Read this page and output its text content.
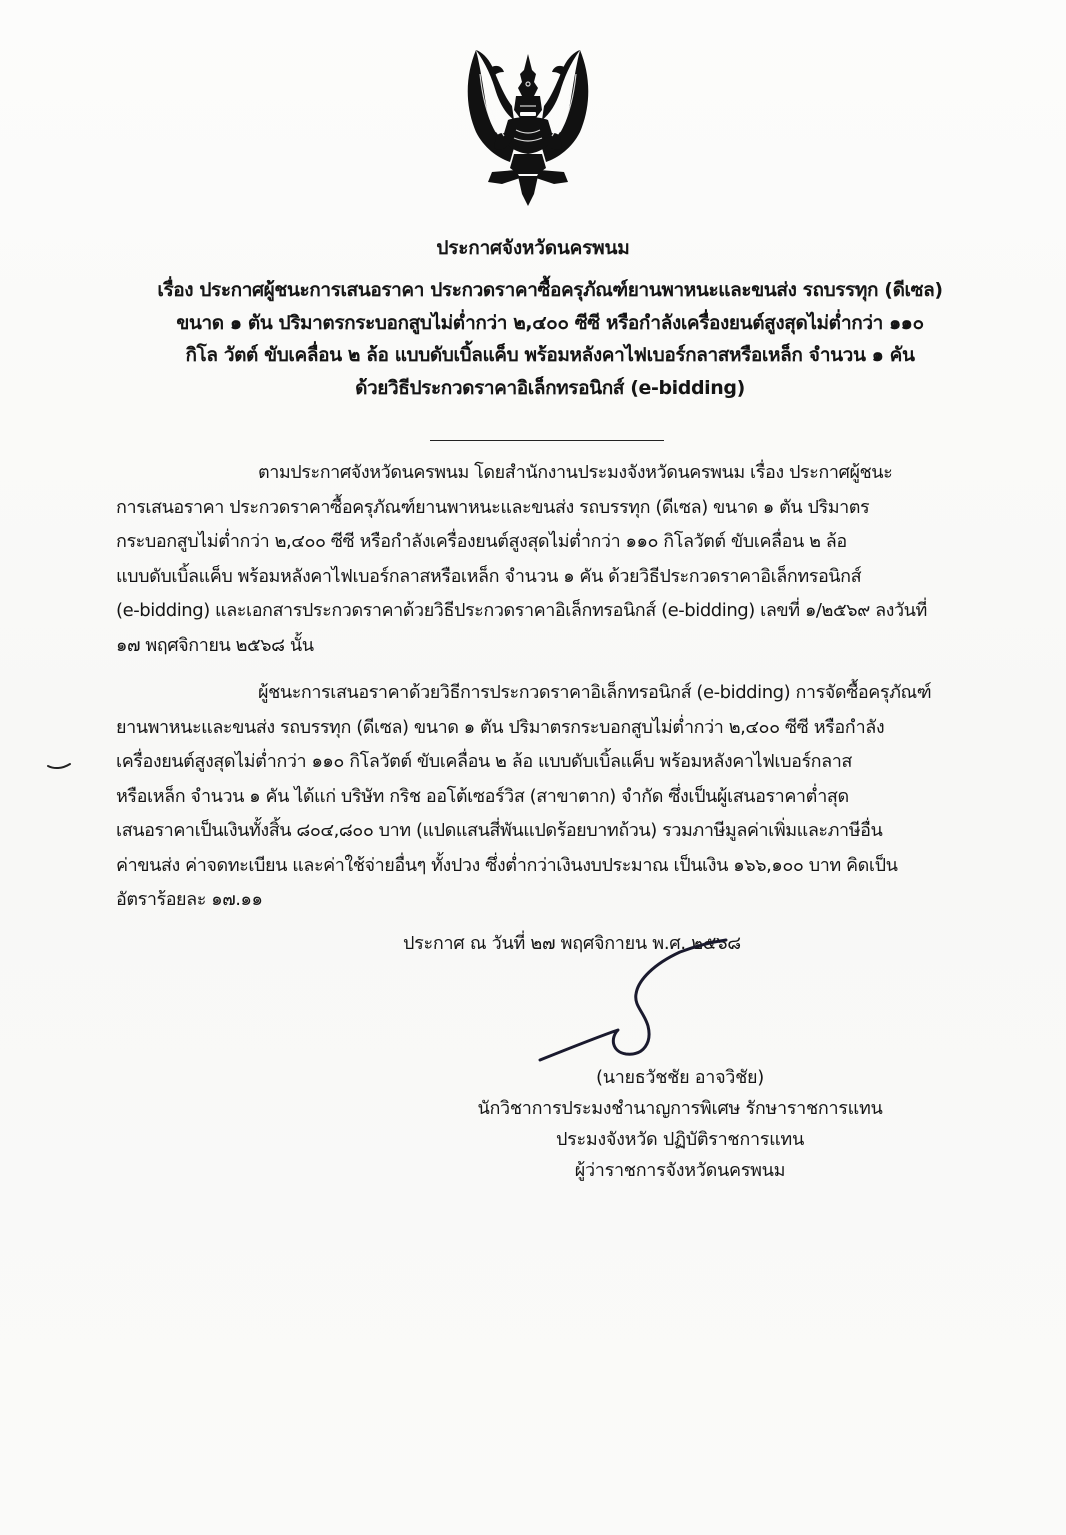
ประกาศจังหวัดนครพนม
เรื่อง ประกาศผู้ชนะการเสนอราคา ประกวดราคาซื้อครุภัณฑ์ยานพาหนะและขนส่ง รถบรรทุก (ดีเซล)
ขนาด ๑ ตัน ปริมาตรกระบอกสูบไม่ต่ำกว่า ๒,๔๐๐ ซีซี หรือกำลังเครื่องยนต์สูงสุดไม่ต่ำกว่า ๑๑๐
กิโล วัตต์ ขับเคลื่อน ๒ ล้อ แบบดับเบิ้ลแค็บ พร้อมหลังคาไฟเบอร์กลาสหรือเหล็ก จำนวน ๑ คัน
ด้วยวิธีประกวดราคาอิเล็กทรอนิกส์ (e-bidding)
ตามประกาศจังหวัดนครพนม โดยสำนักงานประมงจังหวัดนครพนม เรื่อง ประกาศผู้ชนะ
การเสนอราคา ประกวดราคาซื้อครุภัณฑ์ยานพาหนะและขนส่ง รถบรรทุก (ดีเซล) ขนาด ๑ ตัน ปริมาตร
กระบอกสูบไม่ต่ำกว่า ๒,๔๐๐ ซีซี หรือกำลังเครื่องยนต์สูงสุดไม่ต่ำกว่า ๑๑๐ กิโลวัตต์ ขับเคลื่อน ๒ ล้อ
แบบดับเบิ้ลแค็บ พร้อมหลังคาไฟเบอร์กลาสหรือเหล็ก จำนวน ๑ คัน ด้วยวิธีประกวดราคาอิเล็กทรอนิกส์
(e-bidding) และเอกสารประกวดราคาด้วยวิธีประกวดราคาอิเล็กทรอนิกส์ (e-bidding) เลขที่ ๑/๒๕๖๙ ลงวันที่
๑๗ พฤศจิกายน ๒๕๖๘ นั้น
ผู้ชนะการเสนอราคาด้วยวิธีการประกวดราคาอิเล็กทรอนิกส์ (e-bidding) การจัดซื้อครุภัณฑ์
ยานพาหนะและขนส่ง รถบรรทุก (ดีเซล) ขนาด ๑ ตัน ปริมาตรกระบอกสูบไม่ต่ำกว่า ๒,๔๐๐ ซีซี หรือกำลัง
เครื่องยนต์สูงสุดไม่ต่ำกว่า ๑๑๐ กิโลวัตต์ ขับเคลื่อน ๒ ล้อ แบบดับเบิ้ลแค็บ พร้อมหลังคาไฟเบอร์กลาส
หรือเหล็ก จำนวน ๑ คัน ได้แก่ บริษัท กริช ออโต้เซอร์วิส (สาขาตาก) จำกัด ซึ่งเป็นผู้เสนอราคาต่ำสุด
เสนอราคาเป็นเงินทั้งสิ้น ๘๐๔,๘๐๐ บาท (แปดแสนสี่พันแปดร้อยบาทถ้วน) รวมภาษีมูลค่าเพิ่มและภาษีอื่น
ค่าขนส่ง ค่าจดทะเบียน และค่าใช้จ่ายอื่นๆ ทั้งปวง ซึ่งต่ำกว่าเงินงบประมาณ เป็นเงิน ๑๖๖,๑๐๐ บาท คิดเป็น
อัตราร้อยละ ๑๗.๑๑
ประกาศ ณ วันที่ ๒๗ พฤศจิกายน พ.ศ. ๒๕๖๘
(นายธวัชชัย อาจวิชัย)
นักวิชาการประมงชำนาญการพิเศษ รักษาราชการแทน
ประมงจังหวัด ปฏิบัติราชการแทน
ผู้ว่าราชการจังหวัดนครพนม
